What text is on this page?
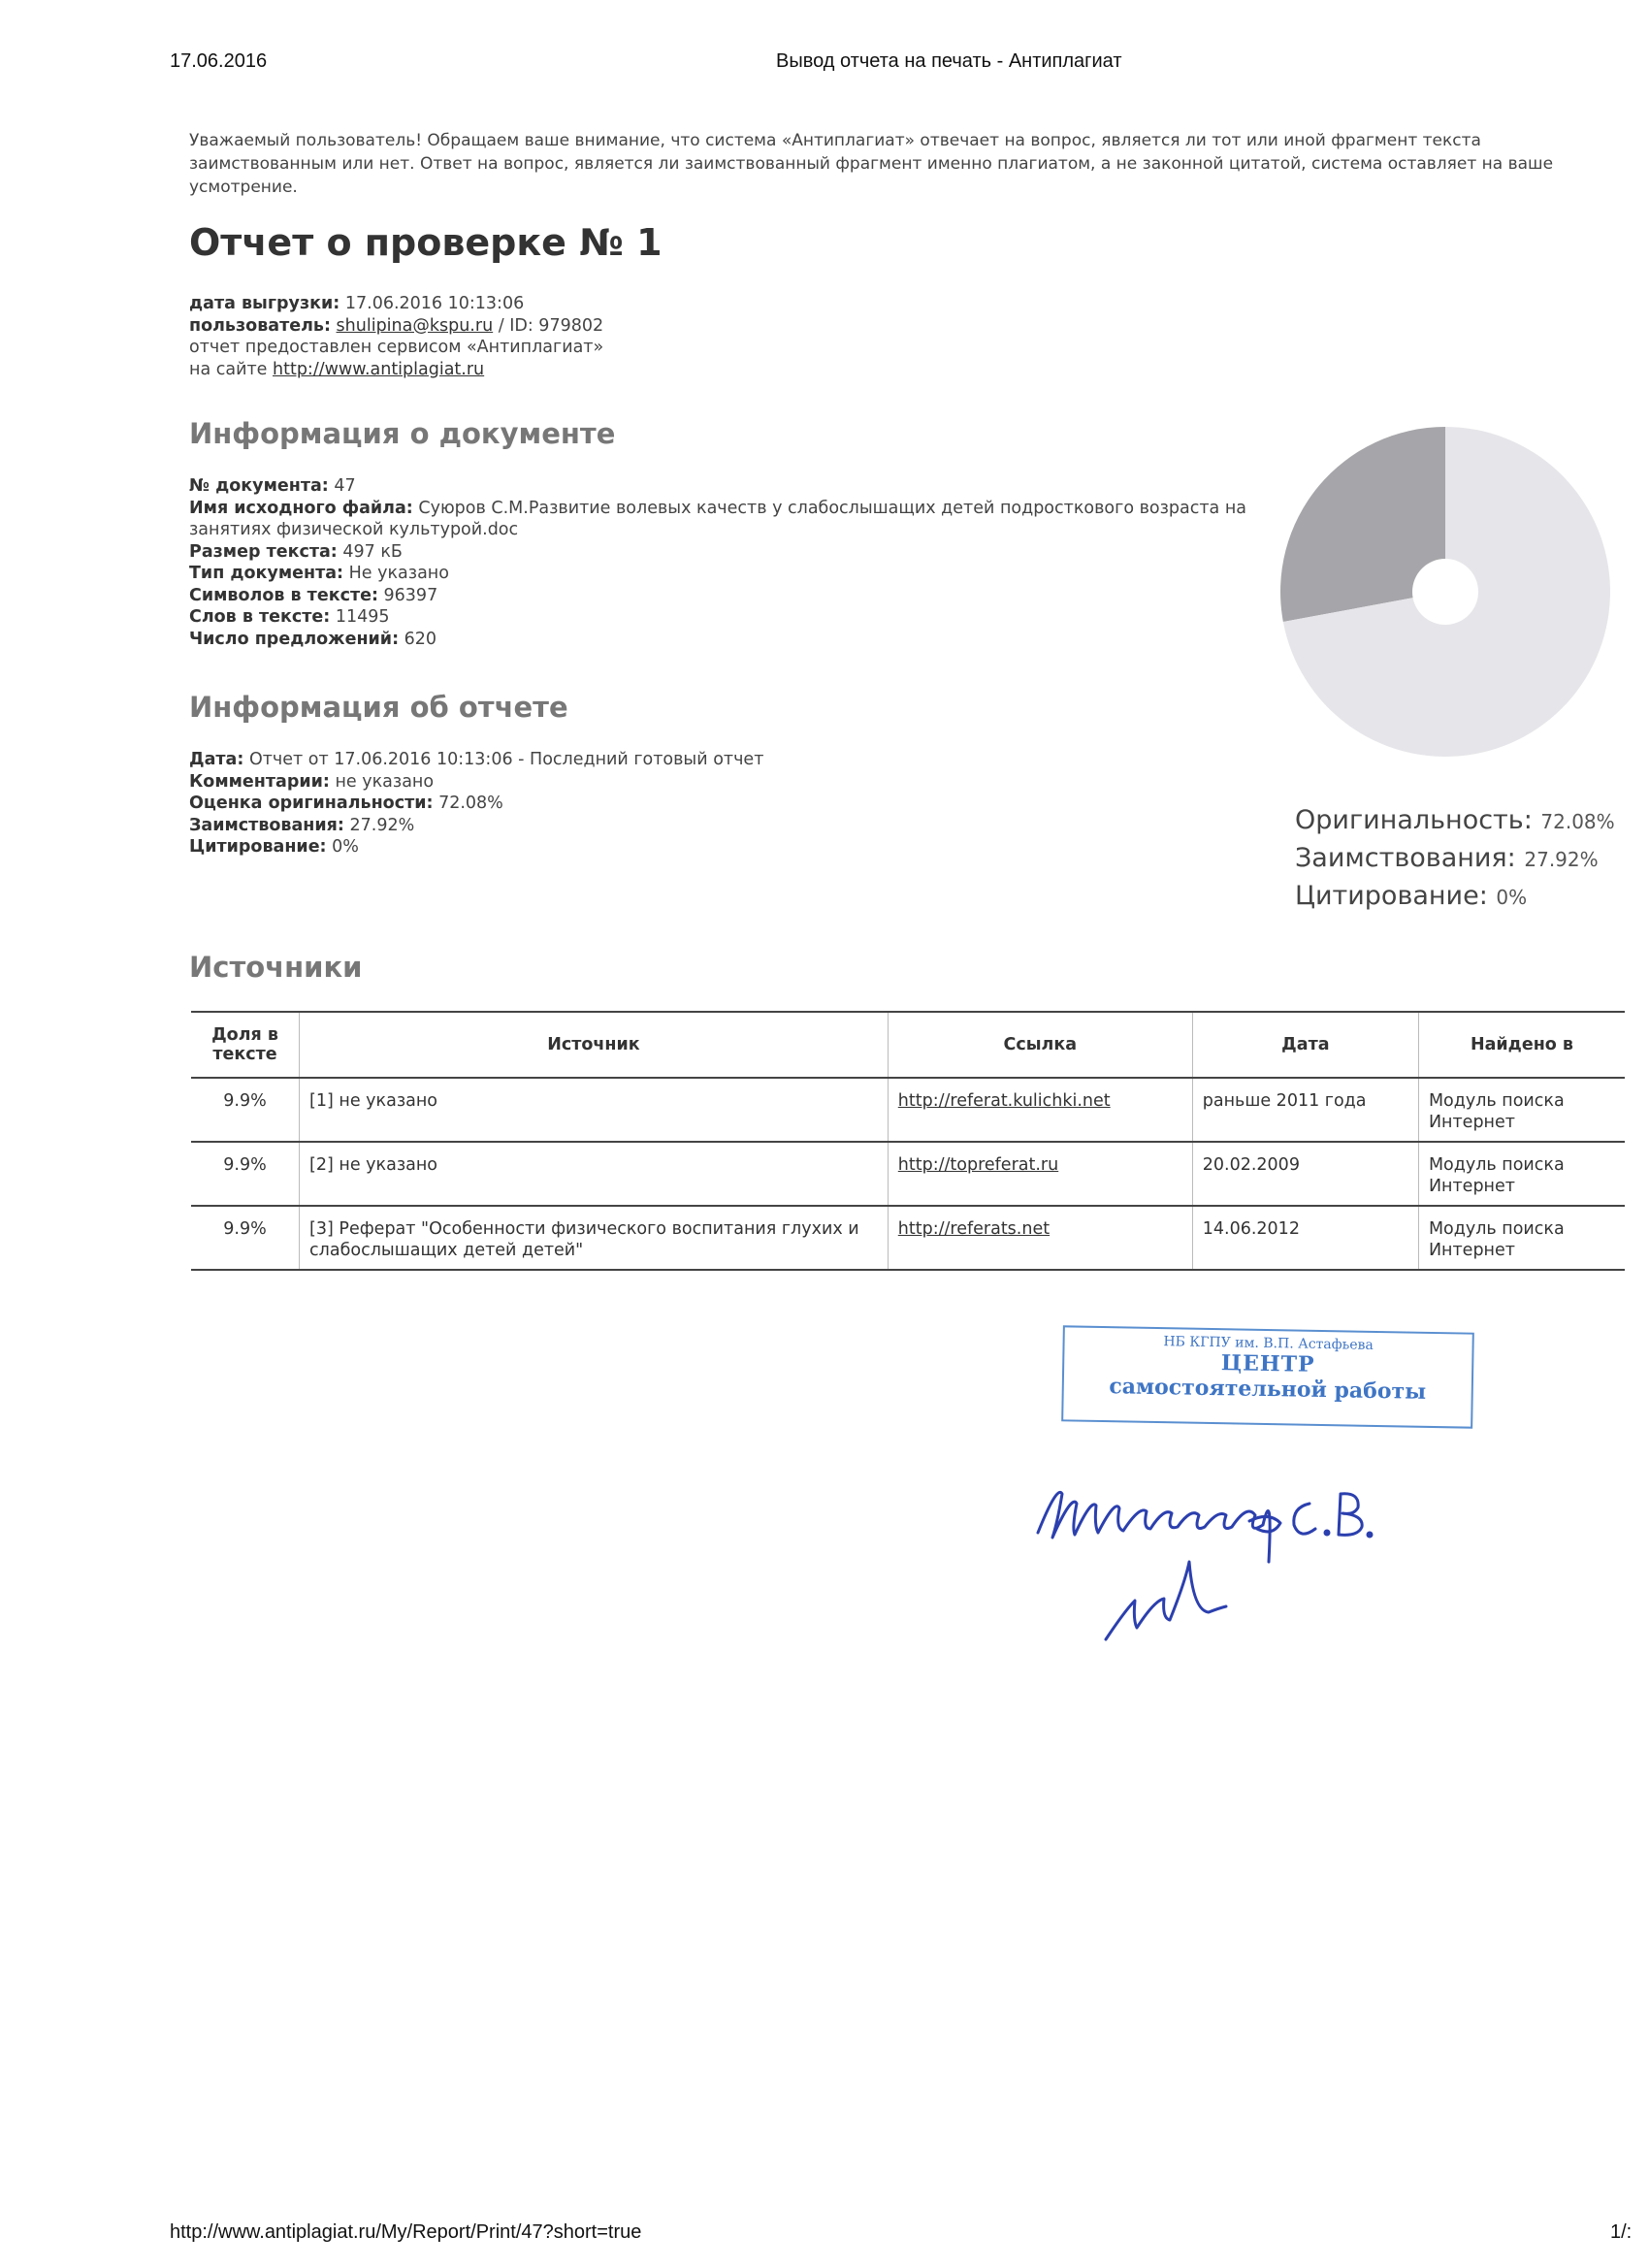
17.06.2016	Вывод отчета на печать - Антиплагиат
Уважаемый пользователь! Обращаем ваше внимание, что система «Антиплагиат» отвечает на вопрос, является ли тот или иной фрагмент текста заимствованным или нет. Ответ на вопрос, является ли заимствованный фрагмент именно плагиатом, а не законной цитатой, система оставляет на ваше усмотрение.
Отчет о проверке № 1
дата выгрузки: 17.06.2016 10:13:06
пользователь: shulipina@kspu.ru / ID: 979802
отчет предоставлен сервисом «Антиплагиат»
на сайте http://www.antiplagiat.ru
Информация о документе
№ документа: 47
Имя исходного файла: Суюров С.М.Развитие волевых качеств у слабослышащих детей подросткового возраста на занятиях физической культурой.doc
Размер текста: 497 кБ
Тип документа: Не указано
Символов в тексте: 96397
Слов в тексте: 11495
Число предложений: 620
Информация об отчете
Дата: Отчет от 17.06.2016 10:13:06 - Последний готовый отчет
Комментарии: не указано
Оценка оригинальности: 72.08%
Заимствования: 27.92%
Цитирование: 0%
Оригинальность: 72.08%
Заимствования: 27.92%
Цитирование: 0%
Источники
Доля в тексте	Источник	Ссылка	Дата	Найдено в
9.9%	[1] не указано	http://referat.kulichki.net	раньше 2011 года	Модуль поиска Интернет
9.9%	[2] не указано	http://topreferat.ru	20.02.2009	Модуль поиска Интернет
9.9%	[3] Реферат "Особенности физического воспитания глухих и слабослышащих детей детей"	http://referats.net	14.06.2012	Модуль поиска Интернет
НБ КГПУ им. В.П. Астафьева
ЦЕНТР
самостоятельной работы
http://www.antiplagiat.ru/My/Report/Print/47?short=true	1/:
